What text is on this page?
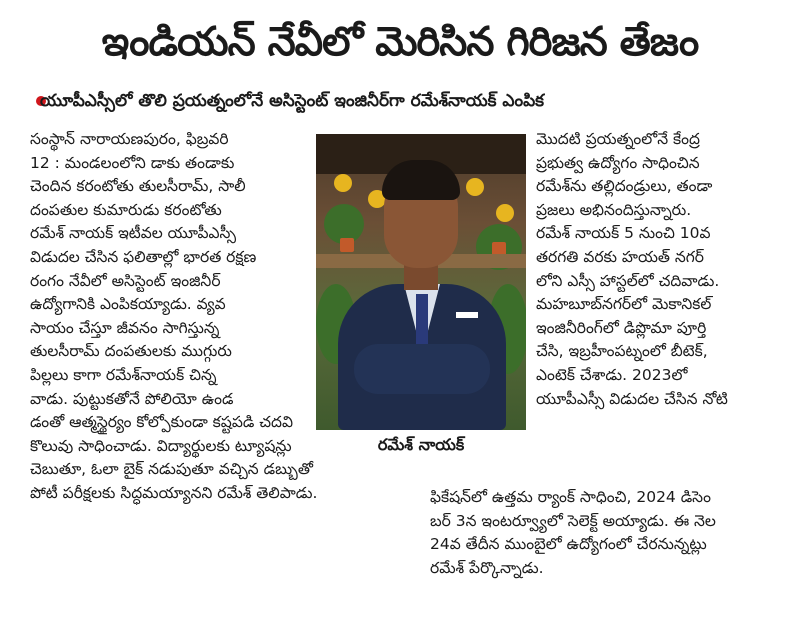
ఇండియన్ నేవీలో మెరిసిన గిరిజన తేజం
యూపీఎస్సీలో తొలి ప్రయత్నంలోనే అసిస్టెంట్ ఇంజినీర్‌గా రమేశ్‌నాయక్ ఎంపిక
సంస్థాన్ నారాయణపురం, ఫిబ్రవరి
12 : మండలంలోని డాకు తండాకు
చెందిన కరంటోతు తులసీరామ్, సాలీ
దంపతుల కుమారుడు కరంటోతు
రమేశ్ నాయక్ ఇటీవల యూపీఎస్సీ
విడుదల చేసిన ఫలితాల్లో భారత రక్షణ
రంగం నేవీలో అసిస్టెంట్ ఇంజినీర్
ఉద్యోగానికి ఎంపికయ్యాడు. వ్యవ
సాయం చేస్తూ జీవనం సాగిస్తున్న
తులసీరామ్ దంపతులకు ముగ్గురు
పిల్లలు కాగా రమేశ్‌నాయక్ చిన్న
వాడు. పుట్టుకతోనే పోలియో ఉండ
డంతో ఆత్మస్థైర్యం కోల్పోకుండా కష్టపడి చదవి
కొలువు సాధించాడు. విద్యార్థులకు ట్యూషన్లు
చెబుతూ, ఓలా బైక్ నడుపుతూ వచ్చిన డబ్బుతో
పోటీ పరీక్షలకు సిద్ధమయ్యానని రమేశ్ తెలిపాడు.
రమేశ్ నాయక్
మొదటి ప్రయత్నంలోనే కేంద్ర
ప్రభుత్వ ఉద్యోగం సాధించిన
రమేశ్‌ను తల్లిదండ్రులు, తండా
ప్రజలు అభినందిస్తున్నారు.
రమేశ్ నాయక్ 5 నుంచి 10వ
తరగతి వరకు హయత్ నగర్
లోని ఎస్సీ హాస్టల్‌లో చదివాడు.
మహబూబ్‌నగర్‌లో మెకానికల్
ఇంజినీరింగ్‌లో డిప్లొమా పూర్తి
చేసి, ఇబ్రహీంపట్నంలో బీటెక్,
ఎంటెక్ చేశాడు. 2023లో
యూపీఎస్సీ విడుదల చేసిన నోటి
ఫికేషన్‌లో ఉత్తమ ర్యాంక్ సాధించి, 2024 డిసెం
బర్ 3న ఇంటర్వ్యూలో సెలెక్ట్ అయ్యాడు. ఈ నెల
24వ తేదీన ముంబైలో ఉద్యోగంలో చేరనున్నట్లు
రమేశ్ పేర్కొన్నాడు.
